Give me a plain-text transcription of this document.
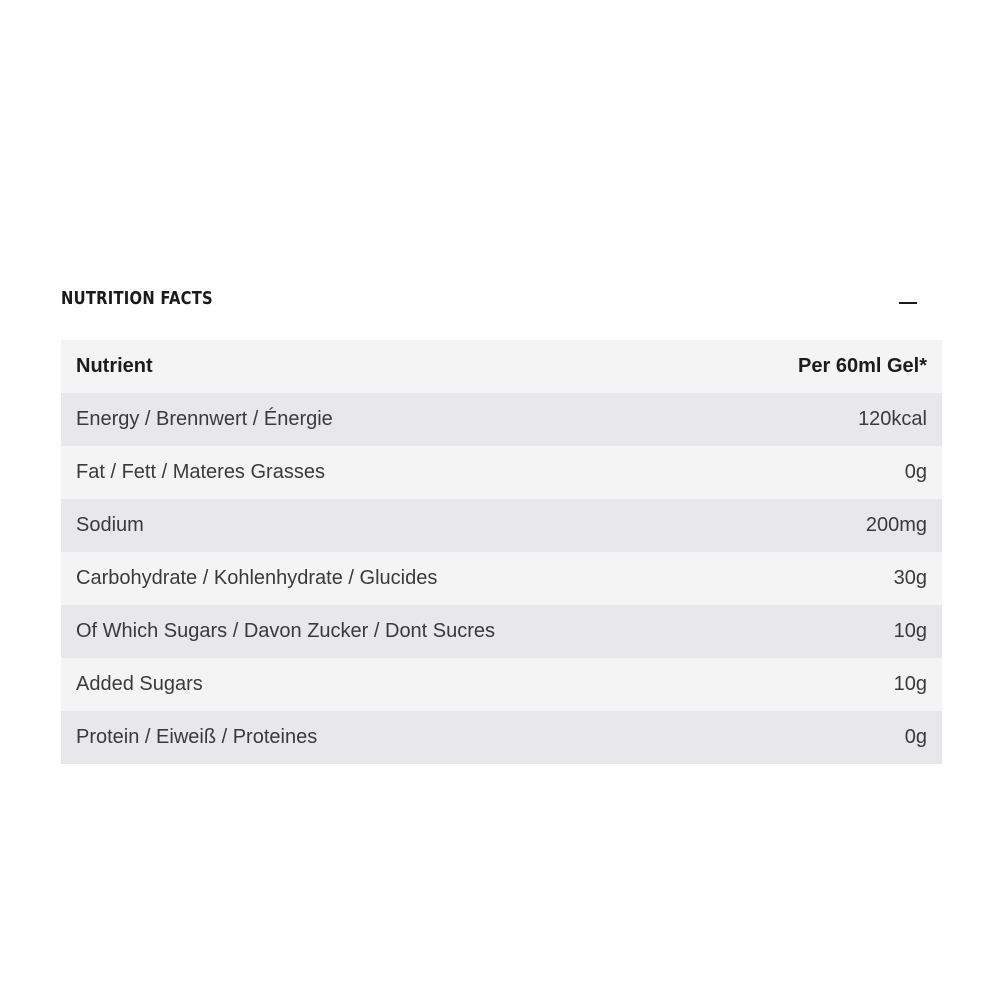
NUTRITION FACTS
Nutrient	Per 60ml Gel*
Energy / Brennwert / Énergie	120kcal
Fat / Fett / Materes Grasses	0g
Sodium	200mg
Carbohydrate / Kohlenhydrate / Glucides	30g
Of Which Sugars / Davon Zucker / Dont Sucres	10g
Added Sugars	10g
Protein / Eiweiß / Proteines	0g
